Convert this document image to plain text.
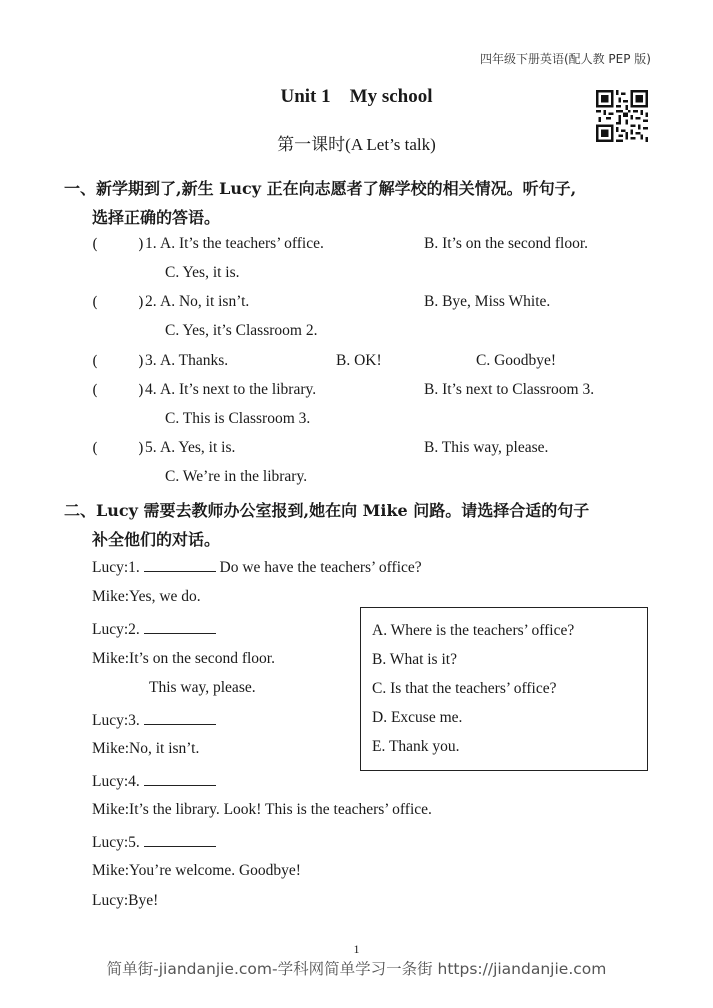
四年级下册英语(配人教 PEP 版)
Unit 1 My school
第一课时(A Let’s talk)
一、新学期到了,新生 Lucy 正在向志愿者了解学校的相关情况。听句子,
选择正确的答语。
(	) 1. A. It’s the teachers’ office.	B. It’s on the second floor.
C. Yes, it is.
(	) 2. A. No, it isn’t.	B. Bye, Miss White.
C. Yes, it’s Classroom 2.
(	) 3. A. Thanks.	B. OK!	C. Goodbye!
(	) 4. A. It’s next to the library.	B. It’s next to Classroom 3.
C. This is Classroom 3.
(	) 5. A. Yes, it is.	B. This way, please.
C. We’re in the library.
二、Lucy 需要去教师办公室报到,她在向 Mike 问路。请选择合适的句子
补全他们的对话。
Lucy:1.	Do we have the teachers’ office?
Mike:Yes, we do.
Lucy:2.
Mike:It’s on the second floor.
This way, please.
Lucy:3.
Mike:No, it isn’t.
Lucy:4.
Mike:It’s the library. Look! This is the teachers’ office.
Lucy:5.
Mike:You’re welcome. Goodbye!
Lucy:Bye!
A. Where is the teachers’ office?
B. What is it?
C. Is that the teachers’ office?
D. Excuse me.
E. Thank you.
1
简单街-jiandanjie.com-学科网简单学习一条街 https://jiandanjie.com
